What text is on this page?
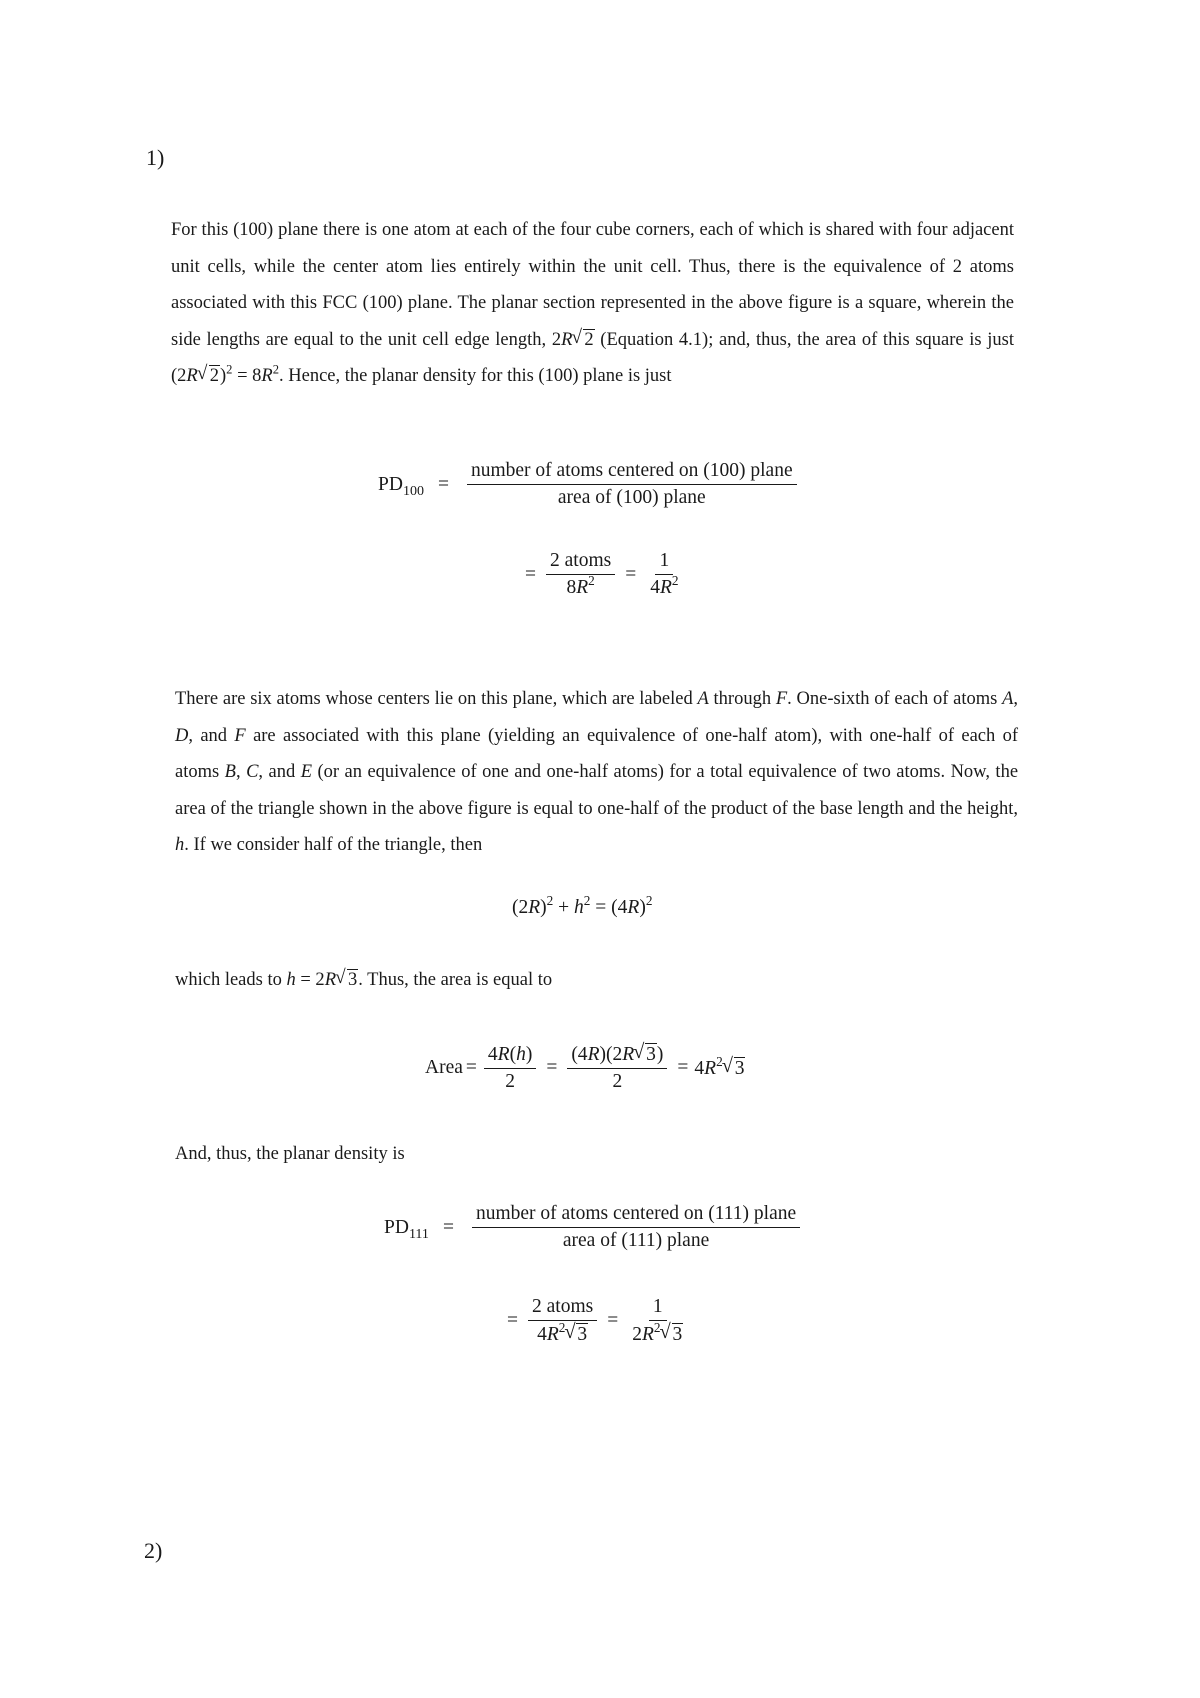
1)
For this (100) plane there is one atom at each of the four cube corners, each of which is shared with four adjacent unit cells, while the center atom lies entirely within the unit cell. Thus, there is the equivalence of 2 atoms associated with this FCC (100) plane. The planar section represented in the above figure is a square, wherein the side lengths are equal to the unit cell edge length, 2R√ 2 (Equation 4.1); and, thus, the area of this square is just (2R√ $2)^2 = 8R^2$. Hence, the planar density for this (100) plane is just
$PD_{100} = \frac{\text{number of atoms centered on (100) plane}}{\text{area of (100) plane}}$
= $\frac{\text{2 atoms}}{8R^2} = \frac{1}{4R^2}$
There are six atoms whose centers lie on this plane, which are labeled A through F. One-sixth of each of atoms A, D, and F are associated with this plane (yielding an equivalence of one-half atom), with one-half of each of atoms B, C, and E (or an equivalence of one and one-half atoms) for a total equivalence of two atoms. Now, the area of the triangle shown in the above figure is equal to one-half of the product of the base length and the height, h. If we consider half of the triangle, then
$(2R)^2 + h^2 = (4R)^2$
which leads to h = 2R√ 3. Thus, the area is equal to
Area = $\frac{4R(h)}{2} = \frac{(4R)(2R√ 3)}{2} = 4R^2√$ 3
And, thus, the planar density is
$PD_{111} = \frac{\text{number of atoms centered on (111) plane}}{\text{area of (111) plane}}$
= $\frac{\text{2 atoms}}{4R^2√ 3} = \frac{1}{2R^2√ 3}$
2)
